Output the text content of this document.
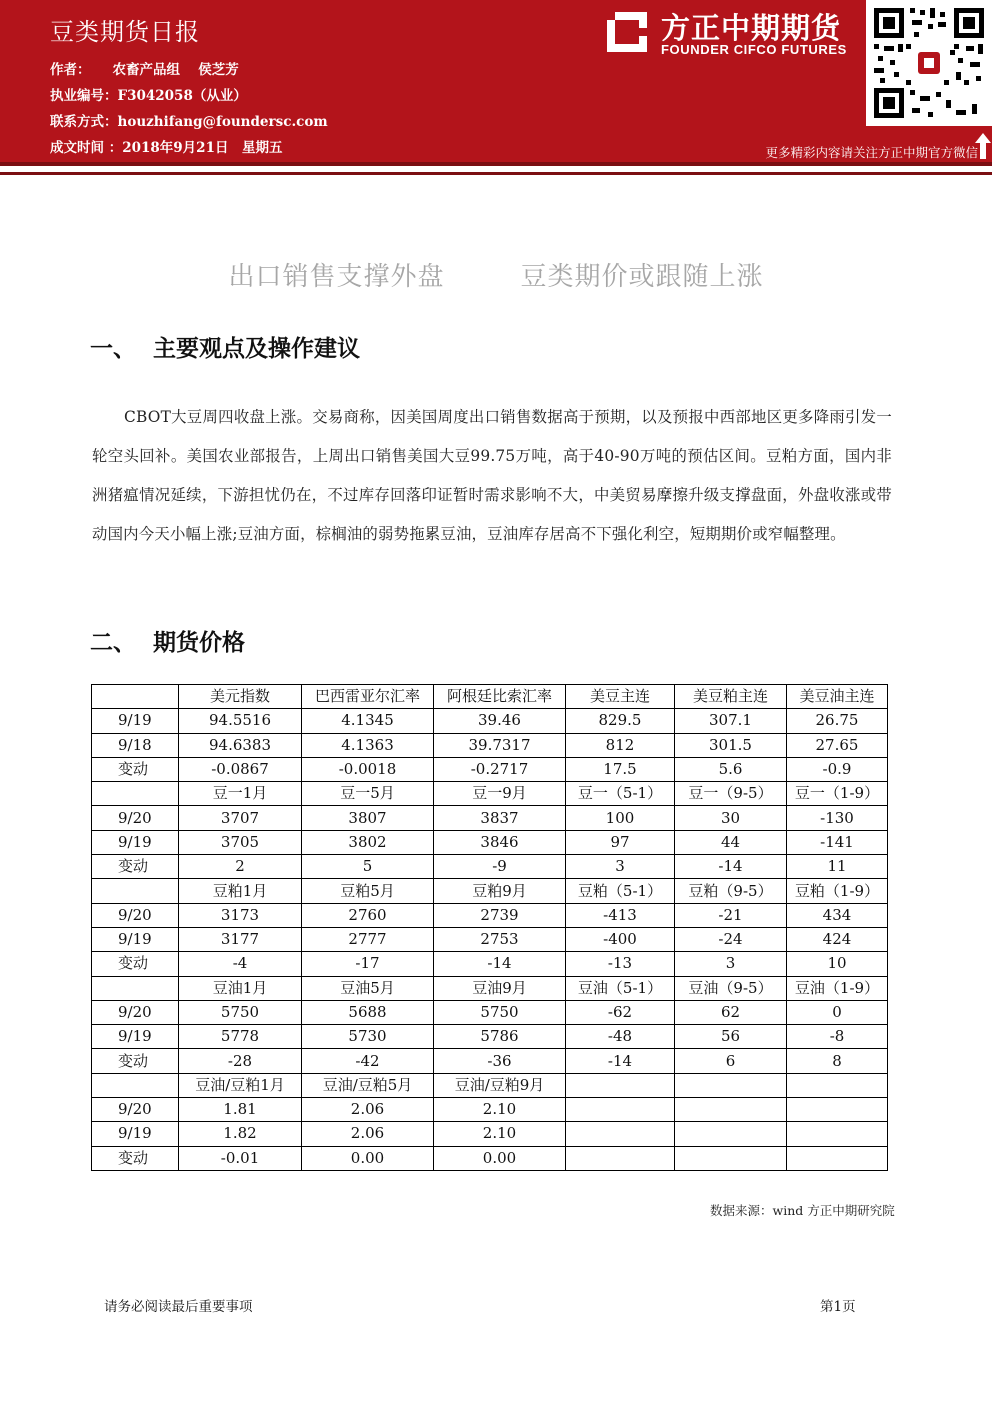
豆类期货日报
作者： 农畜产品组　 侯芝芳
执业编号：F3042058（从业）
联系方式：houzhifang@foundersc.com
成文时间 ：2018年9月21日　星期五
方正中期期货
FOUNDER CIFCO FUTURES
更多精彩内容请关注方正中期官方微信
出口销售支撑外盘	豆类期价或跟随上涨
一、 主要观点及操作建议
CBOT大豆周四收盘上涨。交易商称，因美国周度出口销售数据高于预期，以及预报中西部地区更多降雨引发一轮空头回补。美国农业部报告，上周出口销售美国大豆99.75万吨，高于40-90万吨的预估区间。豆粕方面，国内非洲猪瘟情况延续，下游担忧仍在，不过库存回落印证暂时需求影响不大，中美贸易摩擦升级支撑盘面，外盘收涨或带动国内今天小幅上涨;豆油方面，棕榈油的弱势拖累豆油，豆油库存居高不下强化利空，短期期价或窄幅整理。
二、 期货价格
	美元指数	巴西雷亚尔汇率	阿根廷比索汇率	美豆主连	美豆粕主连	美豆油主连
9/19	94.5516	4.1345	39.46	829.5	307.1	26.75
9/18	94.6383	4.1363	39.7317	812	301.5	27.65
变动	-0.0867	-0.0018	-0.2717	17.5	5.6	-0.9
	豆一1月	豆一5月	豆一9月	豆一（5-1）	豆一（9-5）	豆一（1-9）
9/20	3707	3807	3837	100	30	-130
9/19	3705	3802	3846	97	44	-141
变动	2	5	-9	3	-14	11
	豆粕1月	豆粕5月	豆粕9月	豆粕（5-1）	豆粕（9-5）	豆粕（1-9）
9/20	3173	2760	2739	-413	-21	434
9/19	3177	2777	2753	-400	-24	424
变动	-4	-17	-14	-13	3	10
	豆油1月	豆油5月	豆油9月	豆油（5-1）	豆油（9-5）	豆油（1-9）
9/20	5750	5688	5750	-62	62	0
9/19	5778	5730	5786	-48	56	-8
变动	-28	-42	-36	-14	6	8
	豆油/豆粕1月	豆油/豆粕5月	豆油/豆粕9月			
9/20	1.81	2.06	2.10			
9/19	1.82	2.06	2.10			
变动	-0.01	0.00	0.00			
数据来源：wind 方正中期研究院
请务必阅读最后重要事项	第1页
